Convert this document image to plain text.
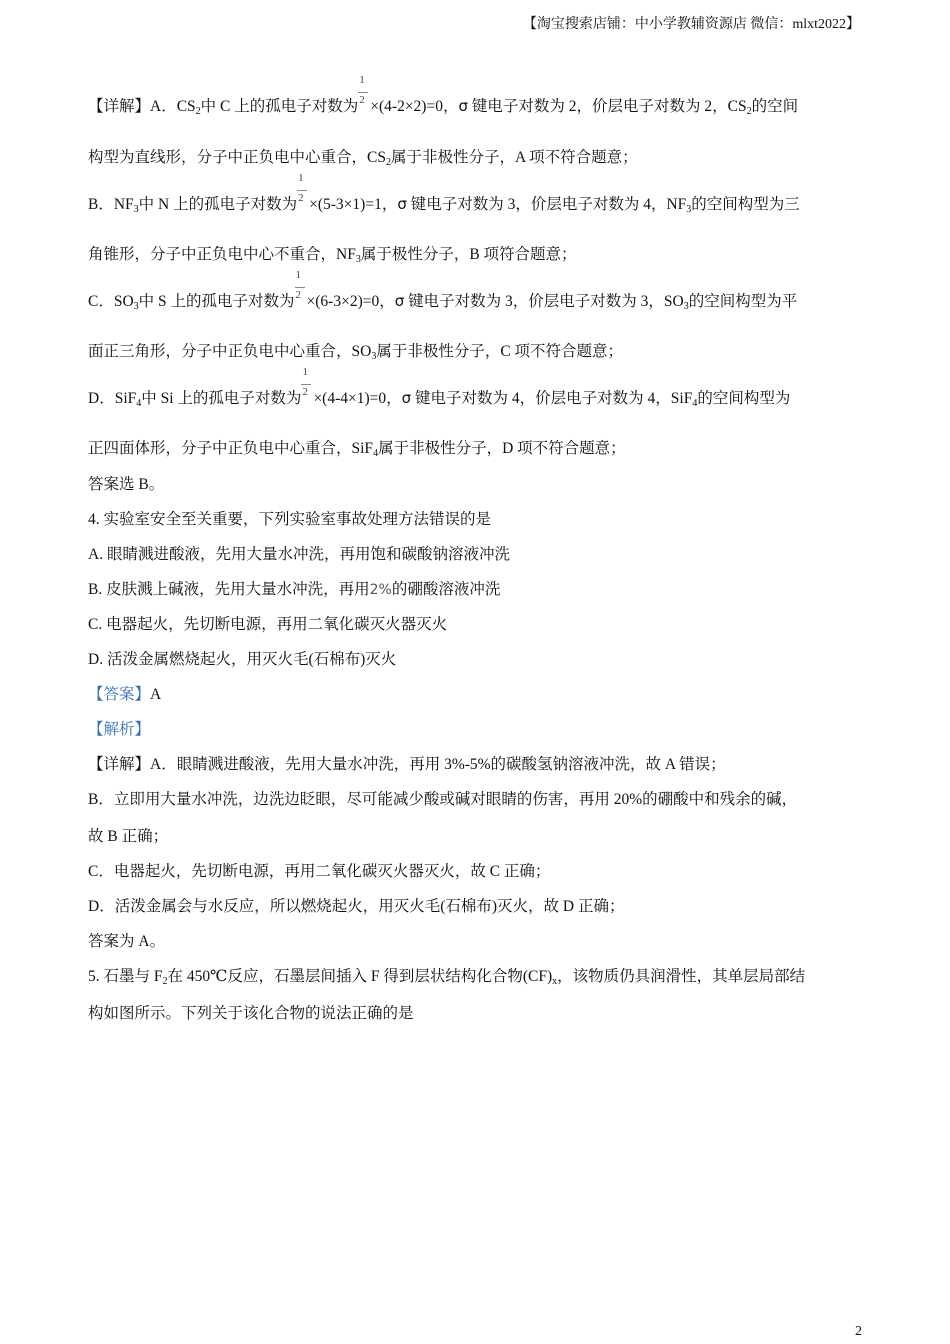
【淘宝搜索店铺：中小学教辅资源店 微信：mlxt2022】
【详解】A．$CS_2$中 C 上的孤电子对数为 $\frac{1}{2} \times(4-2\times 2)=0$，σ 键电子对数为 2，价层电子对数为 2，$CS_2$的空间
构型为直线形，分子中正负电中心重合，$CS_2$属于非极性分子，A 项不符合题意；
B．$NF_3$中 N 上的孤电子对数为 $\frac{1}{2} \times(5-3\times 1)=1$，σ 键电子对数为 3，价层电子对数为 4，$NF_3$的空间构型为三
角锥形，分子中正负电中心不重合，$NF_3$属于极性分子，B 项符合题意；
C．$SO_3$中 S 上的孤电子对数为 $\frac{1}{2} \times(6-3\times 2)=0$，σ 键电子对数为 3，价层电子对数为 3，$SO_3$的空间构型为平
面正三角形，分子中正负电中心重合，$SO_3$属于非极性分子，C 项不符合题意；
D．SiF$_4$中 Si 上的孤电子对数为 $\frac{1}{2} \times(4-4\times 1)=0$，σ 键电子对数为 4，价层电子对数为 4，SiF$_4$的空间构型为
正四面体形，分子中正负电中心重合，SiF$_4$属于非极性分子，D 项不符合题意；
答案选 B。
4. 实验室安全至关重要，下列实验室事故处理方法错误的是
A. 眼睛溅进酸液，先用大量水冲洗，再用饱和碳酸钠溶液冲洗
B. 皮肤溅上碱液，先用大量水冲洗，再用2%的硼酸溶液冲洗
C. 电器起火，先切断电源，再用二氧化碳灭火器灭火
D. 活泼金属燃烧起火，用灭火毛(石棉布)灭火
【答案】A
【解析】
【详解】A．眼睛溅进酸液，先用大量水冲洗，再用 3%-5%的碳酸氢钠溶液冲洗，故 A 错误；
B．立即用大量水冲洗，边洗边眨眼，尽可能减少酸或碱对眼睛的伤害，再用 20%的硼酸中和残余的碱，
故 B 正确；
C．电器起火，先切断电源，再用二氧化碳灭火器灭火，故 C 正确；
D．活泼金属会与水反应，所以燃烧起火，用灭火毛(石棉布)灭火，故 D 正确；
答案为 A。
5. 石墨与 $F_2$在 450℃反应，石墨层间插入 F 得到层状结构化合物$(CF)_x$，该物质仍具润滑性，其单层局部结
构如图所示。下列关于该化合物的说法正确的是
2
